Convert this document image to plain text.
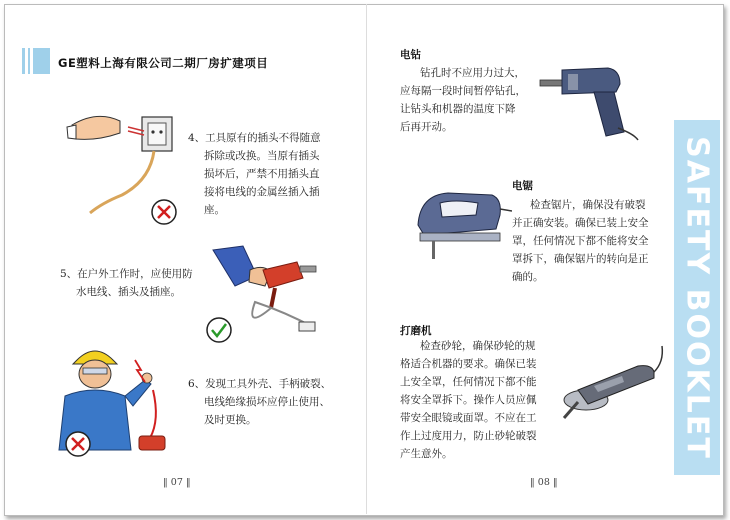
GE塑料上海有限公司二期厂房扩建项目
4、工具原有的插头不得随意
拆除或改换。当原有插头
损坏后，严禁不用插头直
接将电线的金属丝插入插
座。
5、在户外工作时，应使用防
水电线、插头及插座。
6、发现工具外壳、手柄破裂、
电线绝缘损坏应停止使用、
及时更换。
‖ 07 ‖
电钻
钻孔时不应用力过大，
应每隔一段时间暂停钻孔，
让钻头和机器的温度下降
后再开动。
电锯
检查锯片，确保没有破裂
并正确安装。确保已装上安全
罩，任何情况下都不能将安全
罩拆下，确保锯片的转向是正
确的。
打磨机
检查砂轮，确保砂轮的规
格适合机器的要求。确保已装
上安全罩，任何情况下都不能
将安全罩拆下。操作人员应佩
带安全眼镜或面罩。不应在工
作上过度用力，防止砂轮破裂
产生意外。	SAFETY BOOKLET
‖ 08 ‖
